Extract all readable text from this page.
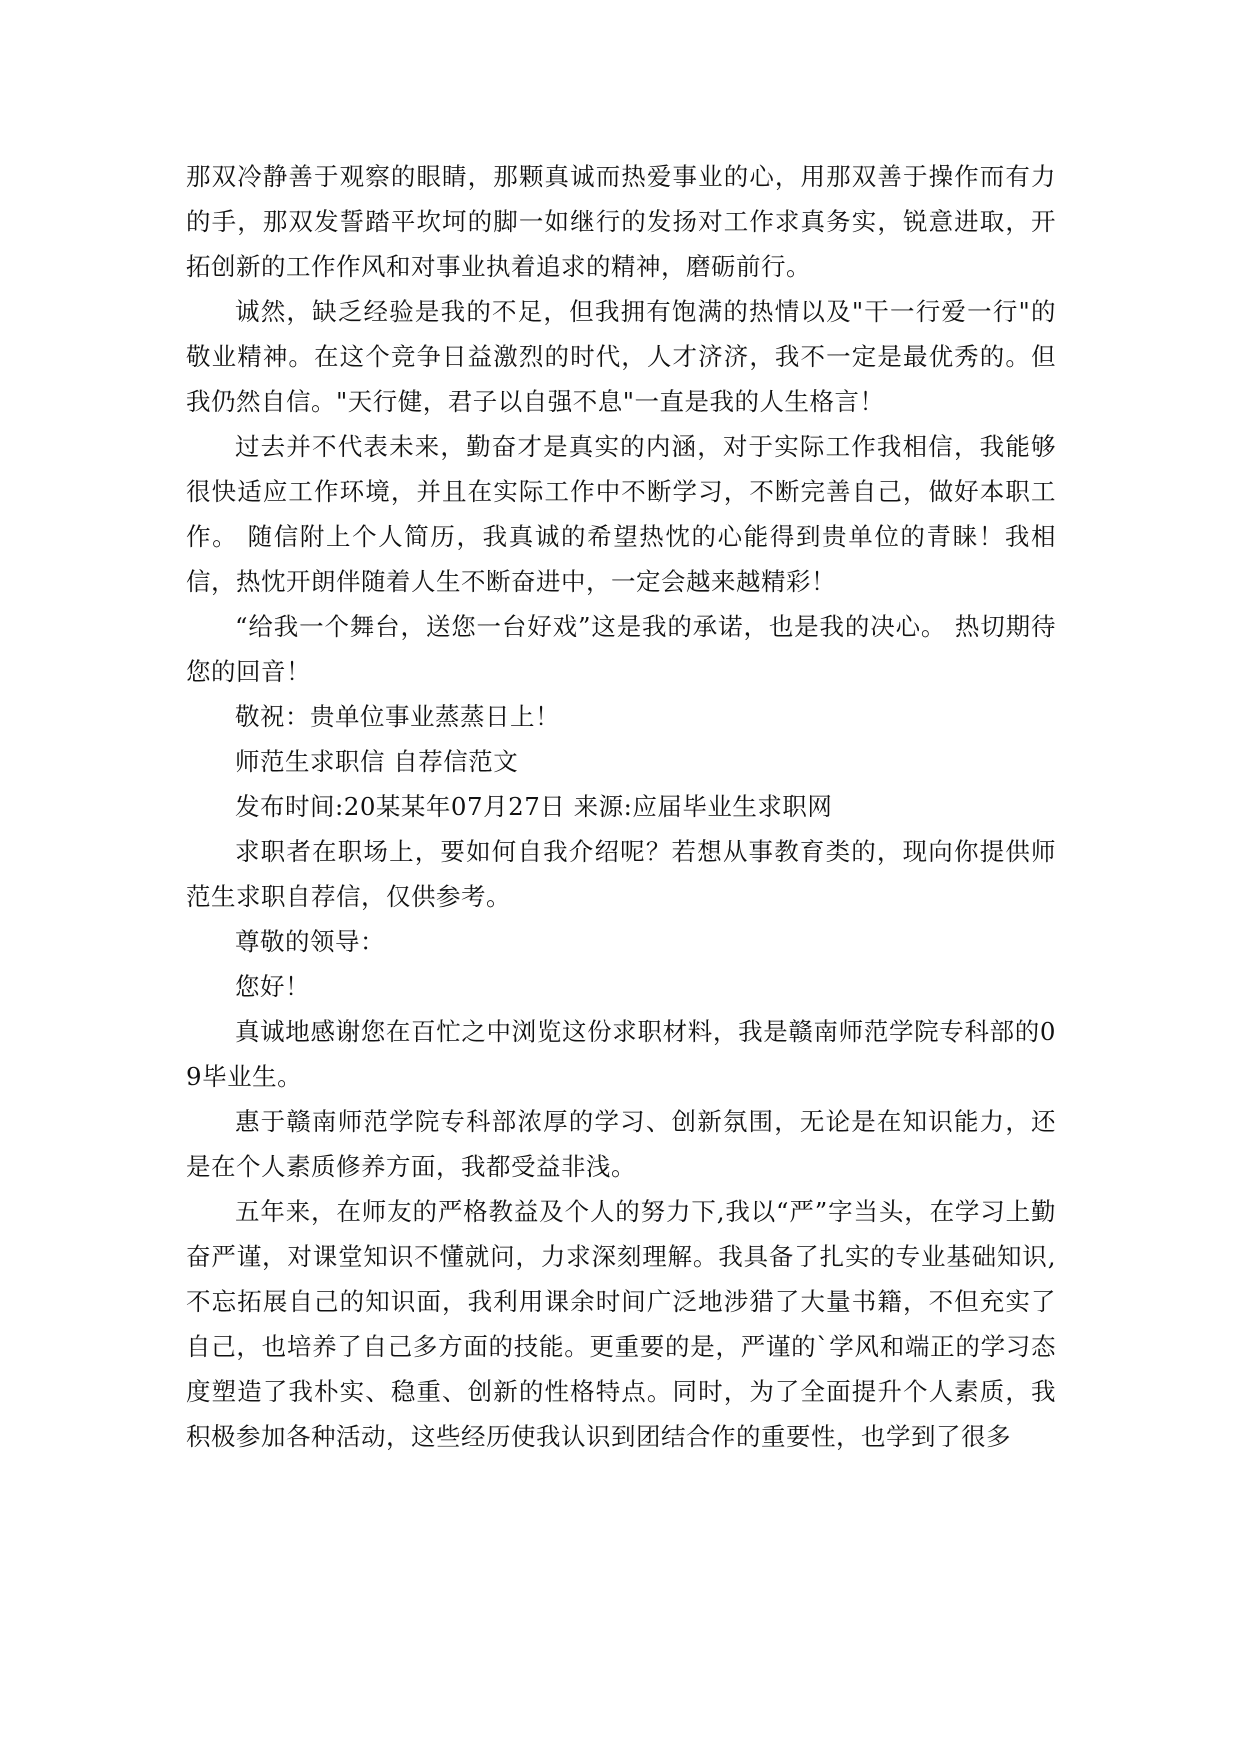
那双冷静善于观察的眼睛，那颗真诚而热爱事业的心，用那双善于操作而有力的手，那双发誓踏平坎坷的脚一如继行的发扬对工作求真务实，锐意进取，开拓创新的工作作风和对事业执着追求的精神，磨砺前行。

诚然，缺乏经验是我的不足，但我拥有饱满的热情以及"干一行爱一行"的敬业精神。在这个竞争日益激烈的时代，人才济济，我不一定是最优秀的。但我仍然自信。"天行健，君子以自强不息"一直是我的人生格言！

过去并不代表未来，勤奋才是真实的内涵，对于实际工作我相信，我能够很快适应工作环境，并且在实际工作中不断学习，不断完善自己，做好本职工作。 随信附上个人简历，我真诚的希望热忱的心能得到贵单位的青睐！我相信，热忱开朗伴随着人生不断奋进中，一定会越来越精彩！

“给我一个舞台，送您一台好戏”这是我的承诺，也是我的决心。 热切期待您的回音！

敬祝：贵单位事业蒸蒸日上！

师范生求职信 自荐信范文

发布时间:20某某年07月27日 来源:应届毕业生求职网

求职者在职场上，要如何自我介绍呢？若想从事教育类的，现向你提供师范生求职自荐信，仅供参考。

尊敬的领导：

您好！

真诚地感谢您在百忙之中浏览这份求职材料，我是赣南师范学院专科部的09毕业生。

惠于赣南师范学院专科部浓厚的学习、创新氛围，无论是在知识能力，还是在个人素质修养方面，我都受益非浅。

五年来，在师友的严格教益及个人的努力下,我以“严”字当头，在学习上勤奋严谨，对课堂知识不懂就问，力求深刻理解。我具备了扎实的专业基础知识,不忘拓展自己的知识面，我利用课余时间广泛地涉猎了大量书籍，不但充实了自己，也培养了自己多方面的技能。更重要的是，严谨的`学风和端正的学习态度塑造了我朴实、稳重、创新的性格特点。同时，为了全面提升个人素质，我积极参加各种活动，这些经历使我认识到团结合作的重要性，也学到了很多
